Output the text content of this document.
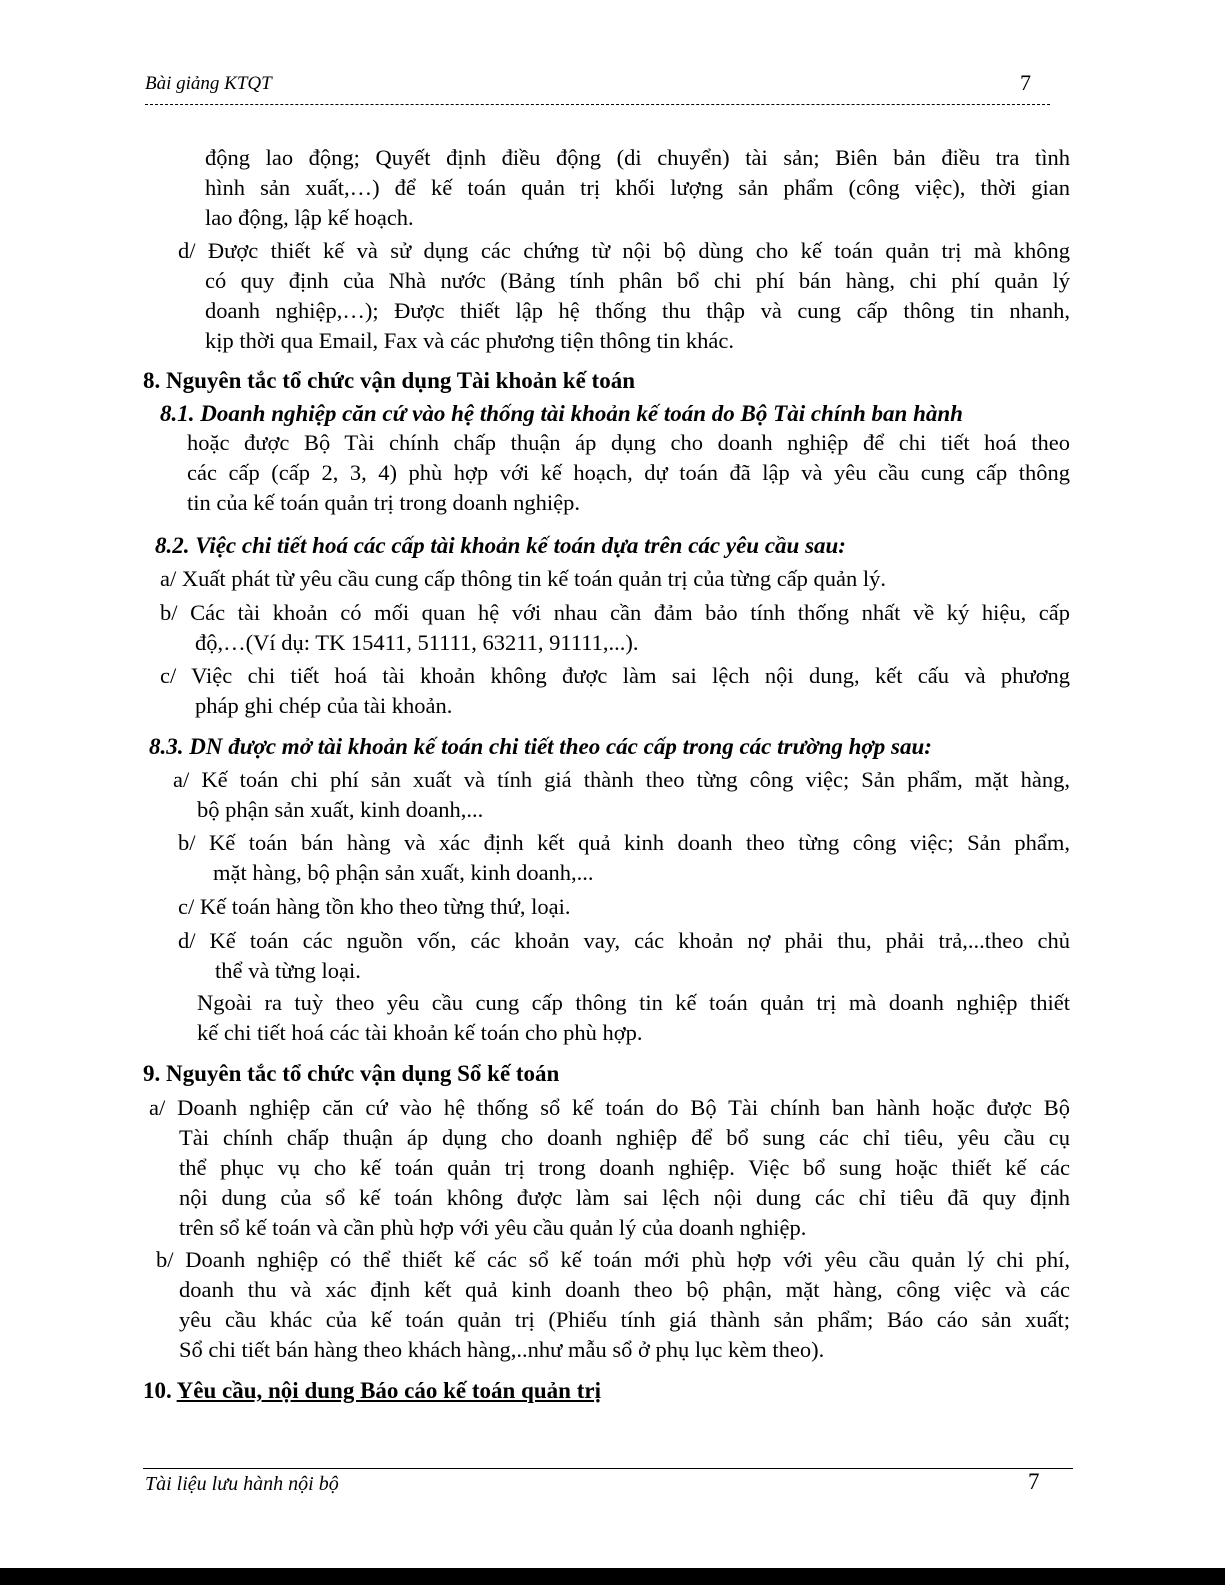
Bài giảng KTQT	7
động lao động; Quyết định điều động (di chuyển) tài sản; Biên bản điều tra tình
hình sản xuất,…) để kế toán quản trị khối lượng sản phẩm (công việc), thời gian
lao động, lập kế hoạch.
d/ Được thiết kế và sử dụng các chứng từ nội bộ dùng cho kế toán quản trị mà không
có quy định của Nhà nước (Bảng tính phân bổ chi phí bán hàng, chi phí quản lý
doanh nghiệp,…); Được thiết lập hệ thống thu thập và cung cấp thông tin nhanh,
kịp thời qua Email, Fax và các phương tiện thông tin khác.
8. Nguyên tắc tổ chức vận dụng Tài khoản kế toán
8.1. Doanh nghiệp căn cứ vào hệ thống tài khoản kế toán do Bộ Tài chính ban hành
hoặc được Bộ Tài chính chấp thuận áp dụng cho doanh nghiệp để chi tiết hoá theo
các cấp (cấp 2, 3, 4) phù hợp với kế hoạch, dự toán đã lập và yêu cầu cung cấp thông
tin của kế toán quản trị trong doanh nghiệp.
8.2. Việc chi tiết hoá các cấp tài khoản kế toán dựa trên các yêu cầu sau:
a/ Xuất phát từ yêu cầu cung cấp thông tin kế toán quản trị của từng cấp quản lý.
b/ Các tài khoản có mối quan hệ với nhau cần đảm bảo tính thống nhất về ký hiệu, cấp
độ,…(Ví dụ: TK 15411, 51111, 63211, 91111,...).
c/ Việc chi tiết hoá tài khoản không được làm sai lệch nội dung, kết cấu và phương
pháp ghi chép của tài khoản.
8.3. DN được mở tài khoản kế toán chi tiết theo các cấp trong các trường hợp sau:
a/ Kế toán chi phí sản xuất và tính giá thành theo từng công việc; Sản phẩm, mặt hàng,
bộ phận sản xuất, kinh doanh,...
b/ Kế toán bán hàng và xác định kết quả kinh doanh theo từng công việc; Sản phẩm,
mặt hàng, bộ phận sản xuất, kinh doanh,...
c/ Kế toán hàng tồn kho theo từng thứ, loại.
d/ Kế toán các nguồn vốn, các khoản vay, các khoản nợ phải thu, phải trả,...theo chủ
thể và từng loại.
Ngoài ra tuỳ theo yêu cầu cung cấp thông tin kế toán quản trị mà doanh nghiệp thiết
kế chi tiết hoá các tài khoản kế toán cho phù hợp.
9. Nguyên tắc tổ chức vận dụng Sổ kế toán
a/ Doanh nghiệp căn cứ vào hệ thống sổ kế toán do Bộ Tài chính ban hành hoặc được Bộ
Tài chính chấp thuận áp dụng cho doanh nghiệp để bổ sung các chỉ tiêu, yêu cầu cụ
thể phục vụ cho kế toán quản trị trong doanh nghiệp. Việc bổ sung hoặc thiết kế các
nội dung của sổ kế toán không được làm sai lệch nội dung các chỉ tiêu đã quy định
trên sổ kế toán và cần phù hợp với yêu cầu quản lý của doanh nghiệp.
b/ Doanh nghiệp có thể thiết kế các sổ kế toán mới phù hợp với yêu cầu quản lý chi phí,
doanh thu và xác định kết quả kinh doanh theo bộ phận, mặt hàng, công việc và các
yêu cầu khác của kế toán quản trị (Phiếu tính giá thành sản phẩm; Báo cáo sản xuất;
Sổ chi tiết bán hàng theo khách hàng,..như mẫu sổ ở phụ lục kèm theo).
10. Yêu cầu, nội dung Báo cáo kế toán quản trị
Tài liệu lưu hành nội bộ	7
